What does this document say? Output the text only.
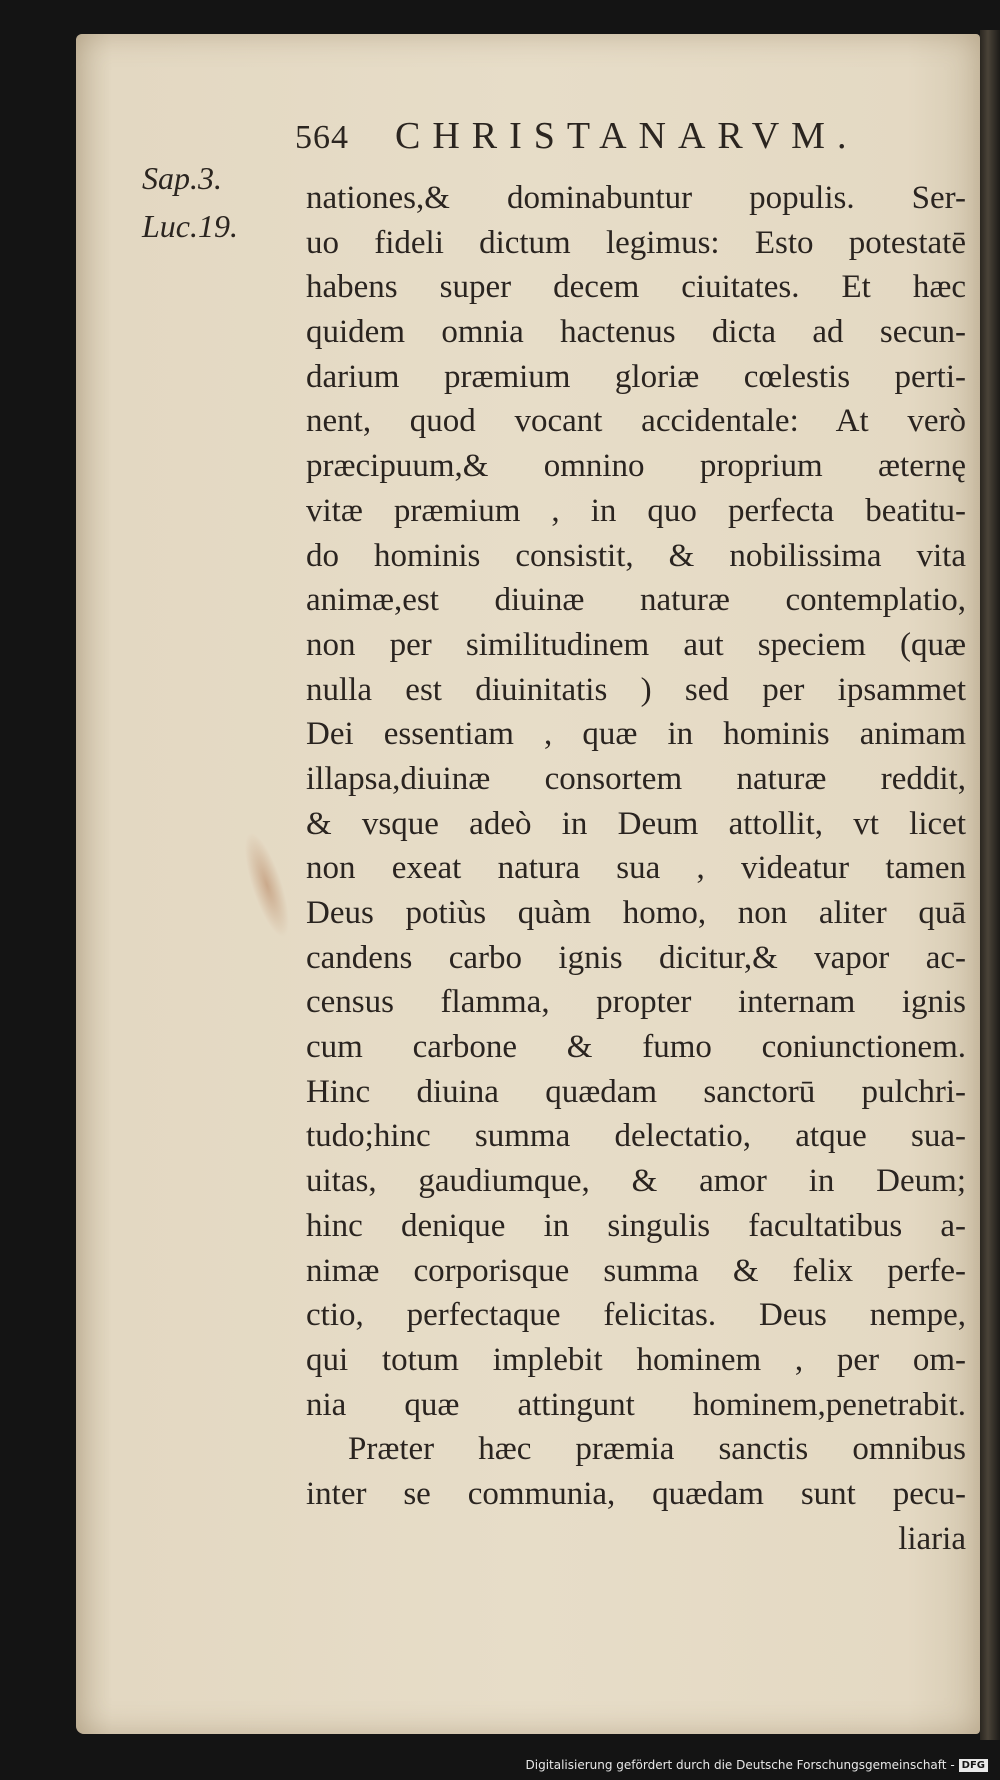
564 CHRISTANARVM.
Sap.3.
Luc.19.
nationes,& dominabuntur populis. Ser-
uo fideli dictum legimus: Esto potestatē
habens super decem ciuitates. Et hæc
quidem omnia hactenus dicta ad secun-
darium præmium gloriæ cœlestis perti-
nent, quod vocant accidentale: At verò
præcipuum,& omnino proprium æternę
vitæ præmium , in quo perfecta beatitu-
do hominis consistit, & nobilissima vita
animæ,est diuinæ naturæ contemplatio,
non per similitudinem aut speciem (quæ
nulla est diuinitatis ) sed per ipsammet
Dei essentiam , quæ in hominis animam
illapsa,diuinæ consortem naturæ reddit,
& vsque adeò in Deum attollit, vt licet
non exeat natura sua , videatur tamen
Deus potiùs quàm homo, non aliter quā
candens carbo ignis dicitur,& vapor ac-
census flamma, propter internam ignis
cum carbone & fumo coniunctionem.
Hinc diuina quædam sanctorū pulchri-
tudo;hinc summa delectatio, atque sua-
uitas, gaudiumque, & amor in Deum;
hinc denique in singulis facultatibus a-
nimæ corporisque summa & felix perfe-
ctio, perfectaque felicitas. Deus nempe,
qui totum implebit hominem , per om-
nia quæ attingunt hominem,penetrabit.
Præter hæc præmia sanctis omnibus
inter se communia, quædam sunt pecu-
liaria
Digitalisierung gefördert durch die Deutsche Forschungsgemeinschaft - DFG
